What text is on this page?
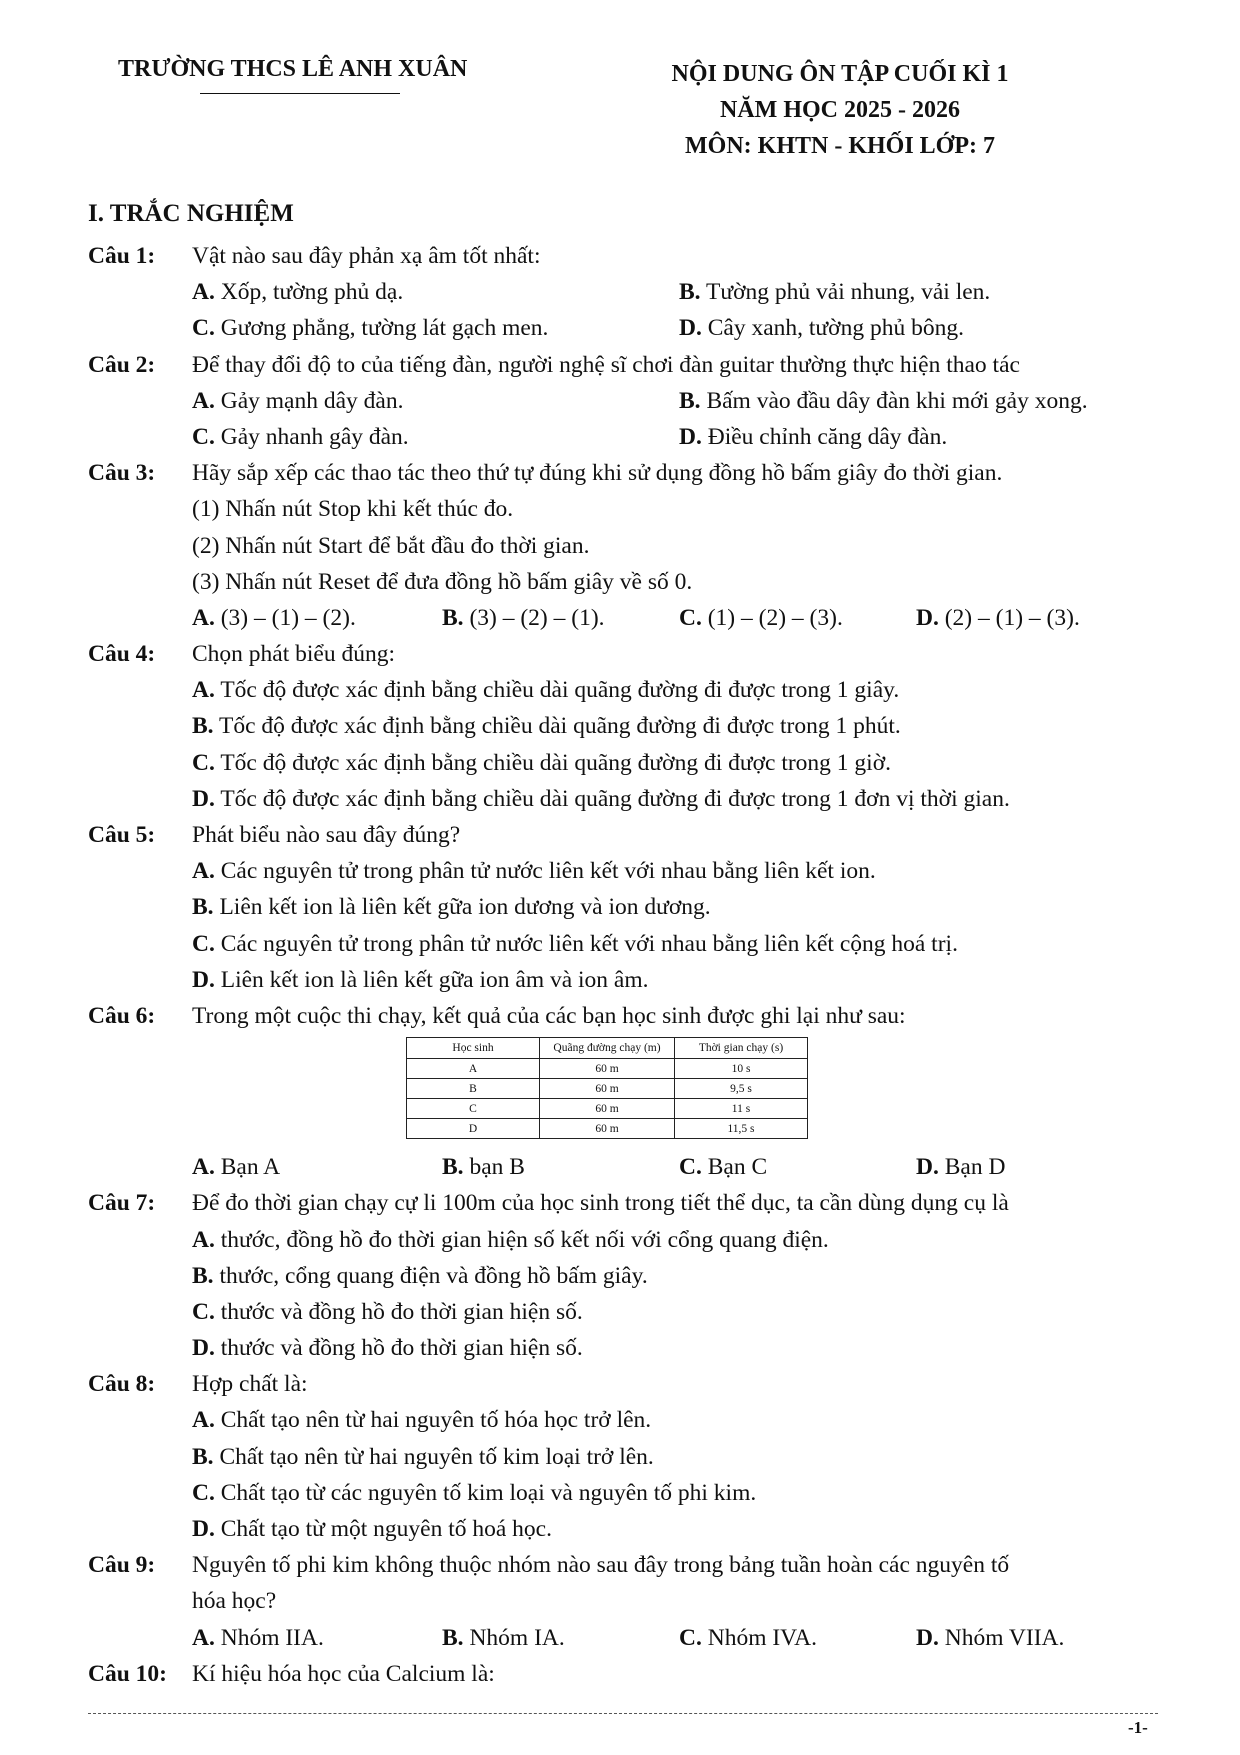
TRƯỜNG THCS LÊ ANH XUÂN	NỘI DUNG ÔN TẬP CUỐI KÌ 1
NĂM HỌC 2025 - 2026
MÔN: KHTN - KHỐI LỚP: 7
I. TRẮC NGHIỆM
Câu 1: Vật nào sau đây phản xạ âm tốt nhất:
A. Xốp, tường phủ dạ.	B. Tường phủ vải nhung, vải len.
C. Gương phẳng, tường lát gạch men.	D. Cây xanh, tường phủ bông.
Câu 2: Để thay đổi độ to của tiếng đàn, người nghệ sĩ chơi đàn guitar thường thực hiện thao tác
A. Gảy mạnh dây đàn.	B. Bấm vào đầu dây đàn khi mới gảy xong.
C. Gảy nhanh gây đàn.	D. Điều chỉnh căng dây đàn.
Câu 3: Hãy sắp xếp các thao tác theo thứ tự đúng khi sử dụng đồng hồ bấm giây đo thời gian.
(1) Nhấn nút Stop khi kết thúc đo.
(2) Nhấn nút Start để bắt đầu đo thời gian.
(3) Nhấn nút Reset để đưa đồng hồ bấm giây về số 0.
A. (3) – (1) – (2).	B. (3) – (2) – (1).	C. (1) – (2) – (3).	D. (2) – (1) – (3).
Câu 4: Chọn phát biểu đúng:
A. Tốc độ được xác định bằng chiều dài quãng đường đi được trong 1 giây.
B. Tốc độ được xác định bằng chiều dài quãng đường đi được trong 1 phút.
C. Tốc độ được xác định bằng chiều dài quãng đường đi được trong 1 giờ.
D. Tốc độ được xác định bằng chiều dài quãng đường đi được trong 1 đơn vị thời gian.
Câu 5: Phát biểu nào sau đây đúng?
A. Các nguyên tử trong phân tử nước liên kết với nhau bằng liên kết ion.
B. Liên kết ion là liên kết gữa ion dương và ion dương.
C. Các nguyên tử trong phân tử nước liên kết với nhau bằng liên kết cộng hoá trị.
D. Liên kết ion là liên kết gữa ion âm và ion âm.
Câu 6: Trong một cuộc thi chạy, kết quả của các bạn học sinh được ghi lại như sau:
Học sinh	Quãng đường chạy (m)	Thời gian chạy (s)
A	60 m	10 s
B	60 m	9,5 s
C	60 m	11 s
D	60 m	11,5 s
A. Bạn A	B. bạn B	C. Bạn C	D. Bạn D
Câu 7: Để đo thời gian chạy cự li 100m của học sinh trong tiết thể dục, ta cần dùng dụng cụ là
A. thước, đồng hồ đo thời gian hiện số kết nối với cổng quang điện.
B. thước, cổng quang điện và đồng hồ bấm giây.
C. thước và đồng hồ đo thời gian hiện số.
D. thước và đồng hồ đo thời gian hiện số.
Câu 8: Hợp chất là:
A. Chất tạo nên từ hai nguyên tố hóa học trở lên.
B. Chất tạo nên từ hai nguyên tố kim loại trở lên.
C. Chất tạo từ các nguyên tố kim loại và nguyên tố phi kim.
D. Chất tạo từ một nguyên tố hoá học.
Câu 9: Nguyên tố phi kim không thuộc nhóm nào sau đây trong bảng tuần hoàn các nguyên tố
hóa học?
A. Nhóm IIA.	B. Nhóm IA.	C. Nhóm IVA.	D. Nhóm VIIA.
Câu 10: Kí hiệu hóa học của Calcium là:
-1-
